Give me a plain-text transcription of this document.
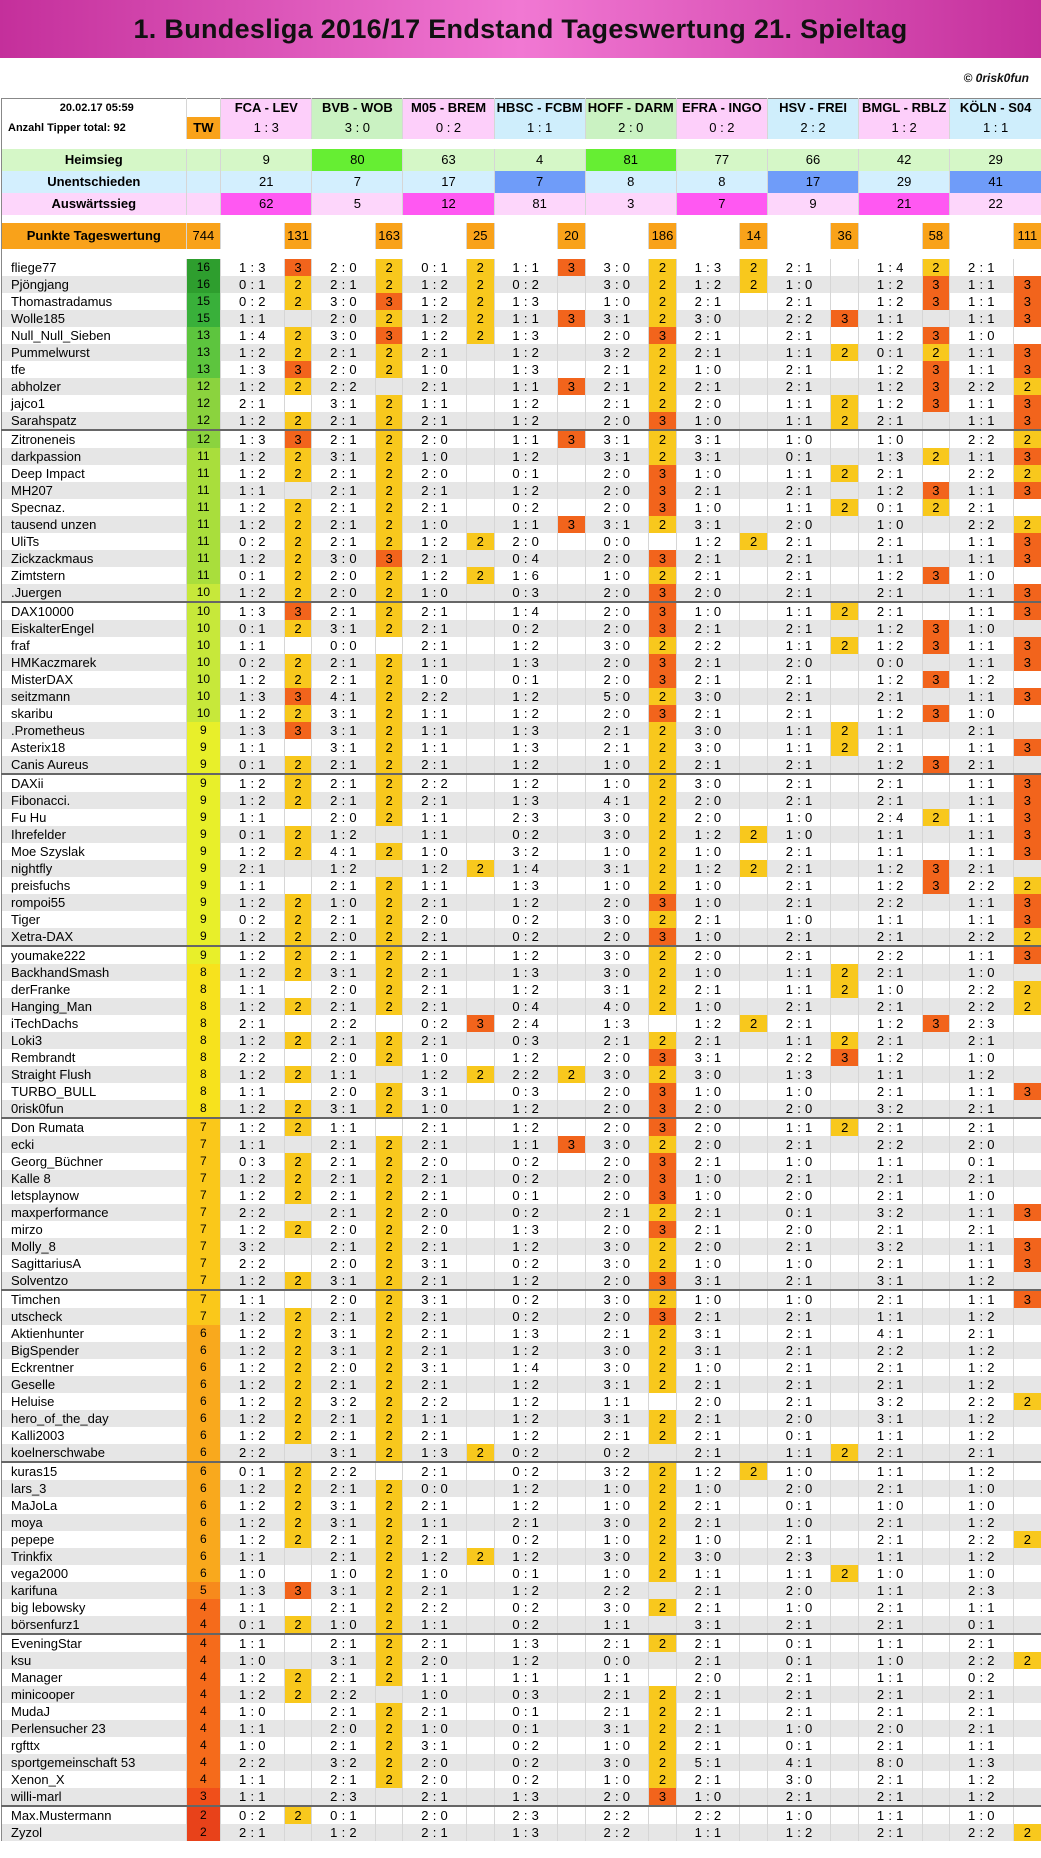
1. Bundesliga 2016/17 Endstand Tageswertung 21. Spieltag
© 0risk0fun
20.02.17 05:59		FCA - LEV		BVB - WOB		M05 - BREM		HBSC - FCBM		HOFF - DARM		EFRA - INGO		HSV - FREI		BMGL - RBLZ		KÖLN - S04	
Anzahl Tipper total: 92	TW	1 : 3		3 : 0		0 : 2		1 : 1		2 : 0		0 : 2		2 : 2		1 : 2		1 : 1	

Heimsieg		9		80		63		4		81		77		66		42		29	
Unentschieden		21		7		17		7		8		8		17		29		41	
Auswärtssieg		62		5		12		81		3		7		9		21		22	

Punkte Tageswertung	744		131		163		25		20		186		14		36		58		111

fliege77	16	1 : 3	3	2 : 0	2	0 : 1	2	1 : 1	3	3 : 0	2	1 : 3	2	2 : 1		1 : 4	2	2 : 1	
Pjöngjang	16	0 : 1	2	2 : 1	2	1 : 2	2	0 : 2		3 : 0	2	1 : 2	2	1 : 0		1 : 2	3	1 : 1	3
Thomastradamus	15	0 : 2	2	3 : 0	3	1 : 2	2	1 : 3		1 : 0	2	2 : 1		2 : 1		1 : 2	3	1 : 1	3
Wolle185	15	1 : 1		2 : 0	2	1 : 2	2	1 : 1	3	3 : 1	2	3 : 0		2 : 2	3	1 : 1		1 : 1	3
Null_Null_Sieben	13	1 : 4	2	3 : 0	3	1 : 2	2	1 : 3		2 : 0	3	2 : 1		2 : 1		1 : 2	3	1 : 0	
Pummelwurst	13	1 : 2	2	2 : 1	2	2 : 1		1 : 2		3 : 2	2	2 : 1		1 : 1	2	0 : 1	2	1 : 1	3
tfe	13	1 : 3	3	2 : 0	2	1 : 0		1 : 3		2 : 1	2	1 : 0		2 : 1		1 : 2	3	1 : 1	3
abholzer	12	1 : 2	2	2 : 2		2 : 1		1 : 1	3	2 : 1	2	2 : 1		2 : 1		1 : 2	3	2 : 2	2
jajco1	12	2 : 1		3 : 1	2	1 : 1		1 : 2		2 : 1	2	2 : 0		1 : 1	2	1 : 2	3	1 : 1	3
Sarahspatz	12	1 : 2	2	2 : 1	2	2 : 1		1 : 2		2 : 0	3	1 : 0		1 : 1	2	2 : 1		1 : 1	3
Zitroneneis	12	1 : 3	3	2 : 1	2	2 : 0		1 : 1	3	3 : 1	2	3 : 1		1 : 0		1 : 0		2 : 2	2
darkpassion	11	1 : 2	2	3 : 1	2	1 : 0		1 : 2		3 : 1	2	3 : 1		0 : 1		1 : 3	2	1 : 1	3
Deep Impact	11	1 : 2	2	2 : 1	2	2 : 0		0 : 1		2 : 0	3	1 : 0		1 : 1	2	2 : 1		2 : 2	2
MH207	11	1 : 1		2 : 1	2	2 : 1		1 : 2		2 : 0	3	2 : 1		2 : 1		1 : 2	3	1 : 1	3
Specnaz.	11	1 : 2	2	2 : 1	2	2 : 1		0 : 2		2 : 0	3	1 : 0		1 : 1	2	0 : 1	2	2 : 1	
tausend unzen	11	1 : 2	2	2 : 1	2	1 : 0		1 : 1	3	3 : 1	2	3 : 1		2 : 0		1 : 0		2 : 2	2
UliTs	11	0 : 2	2	2 : 1	2	1 : 2	2	2 : 0		0 : 0		1 : 2	2	2 : 1		2 : 1		1 : 1	3
Zickzackmaus	11	1 : 2	2	3 : 0	3	2 : 1		0 : 4		2 : 0	3	2 : 1		2 : 1		1 : 1		1 : 1	3
Zimtstern	11	0 : 1	2	2 : 0	2	1 : 2	2	1 : 6		1 : 0	2	2 : 1		2 : 1		1 : 2	3	1 : 0	
.Juergen	10	1 : 2	2	2 : 0	2	1 : 0		0 : 3		2 : 0	3	2 : 0		2 : 1		2 : 1		1 : 1	3
DAX10000	10	1 : 3	3	2 : 1	2	2 : 1		1 : 4		2 : 0	3	1 : 0		1 : 1	2	2 : 1		1 : 1	3
EiskalterEngel	10	0 : 1	2	3 : 1	2	2 : 1		0 : 2		2 : 0	3	2 : 1		2 : 1		1 : 2	3	1 : 0	
fraf	10	1 : 1		0 : 0		2 : 1		1 : 2		3 : 0	2	2 : 2		1 : 1	2	1 : 2	3	1 : 1	3
HMKaczmarek	10	0 : 2	2	2 : 1	2	1 : 1		1 : 3		2 : 0	3	2 : 1		2 : 0		0 : 0		1 : 1	3
MisterDAX	10	1 : 2	2	2 : 1	2	1 : 0		0 : 1		2 : 0	3	2 : 1		2 : 1		1 : 2	3	1 : 2	
seitzmann	10	1 : 3	3	4 : 1	2	2 : 2		1 : 2		5 : 0	2	3 : 0		2 : 1		2 : 1		1 : 1	3
skaribu	10	1 : 2	2	3 : 1	2	1 : 1		1 : 2		2 : 0	3	2 : 1		2 : 1		1 : 2	3	1 : 0	
.Prometheus	9	1 : 3	3	3 : 1	2	1 : 1		1 : 3		2 : 1	2	3 : 0		1 : 1	2	1 : 1		2 : 1	
Asterix18	9	1 : 1		3 : 1	2	1 : 1		1 : 3		2 : 1	2	3 : 0		1 : 1	2	2 : 1		1 : 1	3
Canis Aureus	9	0 : 1	2	2 : 1	2	2 : 1		1 : 2		1 : 0	2	2 : 1		2 : 1		1 : 2	3	2 : 1	
DAXii	9	1 : 2	2	2 : 1	2	2 : 2		1 : 2		1 : 0	2	3 : 0		2 : 1		2 : 1		1 : 1	3
Fibonacci.	9	1 : 2	2	2 : 1	2	2 : 1		1 : 3		4 : 1	2	2 : 0		2 : 1		2 : 1		1 : 1	3
Fu Hu	9	1 : 1		2 : 0	2	1 : 1		2 : 3		3 : 0	2	2 : 0		1 : 0		2 : 4	2	1 : 1	3
Ihrefelder	9	0 : 1	2	1 : 2		1 : 1		0 : 2		3 : 0	2	1 : 2	2	1 : 0		1 : 1		1 : 1	3
Moe Szyslak	9	1 : 2	2	4 : 1	2	1 : 0		3 : 2		1 : 0	2	1 : 0		2 : 1		1 : 1		1 : 1	3
nightfly	9	2 : 1		1 : 2		1 : 2	2	1 : 4		3 : 1	2	1 : 2	2	2 : 1		1 : 2	3	2 : 1	
preisfuchs	9	1 : 1		2 : 1	2	1 : 1		1 : 3		1 : 0	2	1 : 0		2 : 1		1 : 2	3	2 : 2	2
rompoi55	9	1 : 2	2	1 : 0	2	2 : 1		1 : 2		2 : 0	3	1 : 0		2 : 1		2 : 2		1 : 1	3
Tiger	9	0 : 2	2	2 : 1	2	2 : 0		0 : 2		3 : 0	2	2 : 1		1 : 0		1 : 1		1 : 1	3
Xetra-DAX	9	1 : 2	2	2 : 0	2	2 : 1		0 : 2		2 : 0	3	1 : 0		2 : 1		2 : 1		2 : 2	2
youmake222	9	1 : 2	2	2 : 1	2	2 : 1		1 : 2		3 : 0	2	2 : 0		2 : 1		2 : 2		1 : 1	3
BackhandSmash	8	1 : 2	2	3 : 1	2	2 : 1		1 : 3		3 : 0	2	1 : 0		1 : 1	2	2 : 1		1 : 0	
derFranke	8	1 : 1		2 : 0	2	2 : 1		1 : 2		3 : 1	2	2 : 1		1 : 1	2	1 : 0		2 : 2	2
Hanging_Man	8	1 : 2	2	2 : 1	2	2 : 1		0 : 4		4 : 0	2	1 : 0		2 : 1		2 : 1		2 : 2	2
iTechDachs	8	2 : 1		2 : 2		0 : 2	3	2 : 4		1 : 3		1 : 2	2	2 : 1		1 : 2	3	2 : 3	
Loki3	8	1 : 2	2	2 : 1	2	2 : 1		0 : 3		2 : 1	2	2 : 1		1 : 1	2	2 : 1		2 : 1	
Rembrandt	8	2 : 2		2 : 0	2	1 : 0		1 : 2		2 : 0	3	3 : 1		2 : 2	3	1 : 2		1 : 0	
Straight Flush	8	1 : 2	2	1 : 1		1 : 2	2	2 : 2	2	3 : 0	2	3 : 0		1 : 3		1 : 1		1 : 2	
TURBO_BULL	8	1 : 1		2 : 0	2	3 : 1		0 : 3		2 : 0	3	1 : 0		1 : 0		2 : 1		1 : 1	3
0risk0fun	8	1 : 2	2	3 : 1	2	1 : 0		1 : 2		2 : 0	3	2 : 0		2 : 0		3 : 2		2 : 1	
Don Rumata	7	1 : 2	2	1 : 1		2 : 1		1 : 2		2 : 0	3	2 : 0		1 : 1	2	2 : 1		2 : 1	
ecki	7	1 : 1		2 : 1	2	2 : 1		1 : 1	3	3 : 0	2	2 : 0		2 : 1		2 : 2		2 : 0	
Georg_Büchner	7	0 : 3	2	2 : 1	2	2 : 0		0 : 2		2 : 0	3	2 : 1		1 : 0		1 : 1		0 : 1	
Kalle 8	7	1 : 2	2	2 : 1	2	2 : 1		0 : 2		2 : 0	3	1 : 0		2 : 1		2 : 1		2 : 1	
letsplaynow	7	1 : 2	2	2 : 1	2	2 : 1		0 : 1		2 : 0	3	1 : 0		2 : 0		2 : 1		1 : 0	
maxperformance	7	2 : 2		2 : 1	2	2 : 0		0 : 2		2 : 1	2	2 : 1		0 : 1		3 : 2		1 : 1	3
mirzo	7	1 : 2	2	2 : 0	2	2 : 0		1 : 3		2 : 0	3	2 : 1		2 : 0		2 : 1		2 : 1	
Molly_8	7	3 : 2		2 : 1	2	2 : 1		1 : 2		3 : 0	2	2 : 0		2 : 1		3 : 2		1 : 1	3
SagittariusA	7	2 : 2		2 : 0	2	3 : 1		0 : 2		3 : 0	2	1 : 0		1 : 0		2 : 1		1 : 1	3
Solventzo	7	1 : 2	2	3 : 1	2	2 : 1		1 : 2		2 : 0	3	3 : 1		2 : 1		3 : 1		1 : 2	
Timchen	7	1 : 1		2 : 0	2	3 : 1		0 : 2		3 : 0	2	1 : 0		1 : 0		2 : 1		1 : 1	3
utscheck	7	1 : 2	2	2 : 1	2	2 : 1		0 : 2		2 : 0	3	2 : 1		2 : 1		1 : 1		1 : 2	
Aktienhunter	6	1 : 2	2	3 : 1	2	2 : 1		1 : 3		2 : 1	2	3 : 1		2 : 1		4 : 1		2 : 1	
BigSpender	6	1 : 2	2	3 : 1	2	2 : 1		1 : 2		3 : 0	2	3 : 1		2 : 1		2 : 2		1 : 2	
Eckrentner	6	1 : 2	2	2 : 0	2	3 : 1		1 : 4		3 : 0	2	1 : 0		2 : 1		2 : 1		1 : 2	
Geselle	6	1 : 2	2	2 : 1	2	2 : 1		1 : 2		3 : 1	2	2 : 1		2 : 1		2 : 1		1 : 2	
Heluise	6	1 : 2	2	3 : 2	2	2 : 2		1 : 2		1 : 1		2 : 0		2 : 1		3 : 2		2 : 2	2
hero_of_the_day	6	1 : 2	2	2 : 1	2	1 : 1		1 : 2		3 : 1	2	2 : 1		2 : 0		3 : 1		1 : 2	
Kalli2003	6	1 : 2	2	2 : 1	2	2 : 1		1 : 2		2 : 1	2	2 : 1		0 : 1		1 : 1		1 : 2	
koelnerschwabe	6	2 : 2		3 : 1	2	1 : 3	2	0 : 2		0 : 2		2 : 1		1 : 1	2	2 : 1		2 : 1	
kuras15	6	0 : 1	2	2 : 2		2 : 1		0 : 2		3 : 2	2	1 : 2	2	1 : 0		1 : 1		1 : 2	
lars_3	6	1 : 2	2	2 : 1	2	0 : 0		1 : 2		1 : 0	2	1 : 0		2 : 0		2 : 1		1 : 0	
MaJoLa	6	1 : 2	2	3 : 1	2	2 : 1		1 : 2		1 : 0	2	2 : 1		0 : 1		1 : 0		1 : 0	
moya	6	1 : 2	2	3 : 1	2	1 : 1		2 : 1		3 : 0	2	2 : 1		1 : 0		2 : 1		1 : 2	
pepepe	6	1 : 2	2	2 : 1	2	2 : 1		0 : 2		1 : 0	2	1 : 0		2 : 1		2 : 1		2 : 2	2
Trinkfix	6	1 : 1		2 : 1	2	1 : 2	2	1 : 2		3 : 0	2	3 : 0		2 : 3		1 : 1		1 : 2	
vega2000	6	1 : 0		1 : 0	2	1 : 0		0 : 1		1 : 0	2	1 : 1		1 : 1	2	1 : 0		1 : 0	
karifuna	5	1 : 3	3	3 : 1	2	2 : 1		1 : 2		2 : 2		2 : 1		2 : 0		1 : 1		2 : 3	
big lebowsky	4	1 : 1		2 : 1	2	2 : 2		0 : 2		3 : 0	2	2 : 1		1 : 0		2 : 1		1 : 1	
börsenfurz1	4	0 : 1	2	1 : 0	2	1 : 1		0 : 2		1 : 1		3 : 1		2 : 1		2 : 1		0 : 1	
EveningStar	4	1 : 1		2 : 1	2	2 : 1		1 : 3		2 : 1	2	2 : 1		0 : 1		1 : 1		2 : 1	
ksu	4	1 : 0		3 : 1	2	2 : 0		1 : 2		0 : 0		2 : 1		0 : 1		1 : 0		2 : 2	2
Manager	4	1 : 2	2	2 : 1	2	1 : 1		1 : 1		1 : 1		2 : 0		2 : 1		1 : 1		0 : 2	
minicooper	4	1 : 2	2	2 : 2		1 : 0		0 : 3		2 : 1	2	2 : 1		2 : 1		2 : 1		2 : 1	
MudaJ	4	1 : 0		2 : 1	2	2 : 1		0 : 1		2 : 1	2	2 : 1		2 : 1		2 : 1		2 : 1	
Perlensucher 23	4	1 : 1		2 : 0	2	1 : 0		0 : 1		3 : 1	2	2 : 1		1 : 0		2 : 0		2 : 1	
rgfttx	4	1 : 0		2 : 1	2	3 : 1		0 : 2		1 : 0	2	2 : 1		0 : 1		2 : 1		1 : 1	
sportgemeinschaft 53	4	2 : 2		3 : 2	2	2 : 0		0 : 2		3 : 0	2	5 : 1		4 : 1		8 : 0		1 : 3	
Xenon_X	4	1 : 1		2 : 1	2	2 : 0		0 : 2		1 : 0	2	2 : 1		3 : 0		2 : 1		1 : 2	
willi-marl	3	1 : 1		2 : 3		2 : 1		1 : 3		2 : 0	3	1 : 0		2 : 1		2 : 1		1 : 2	
Max.Mustermann	2	0 : 2	2	0 : 1		2 : 0		2 : 3		2 : 2		2 : 2		1 : 0		1 : 1		1 : 0	
Zyzol	2	2 : 1		1 : 2		2 : 1		1 : 3		2 : 2		1 : 1		1 : 2		2 : 1		2 : 2	2
